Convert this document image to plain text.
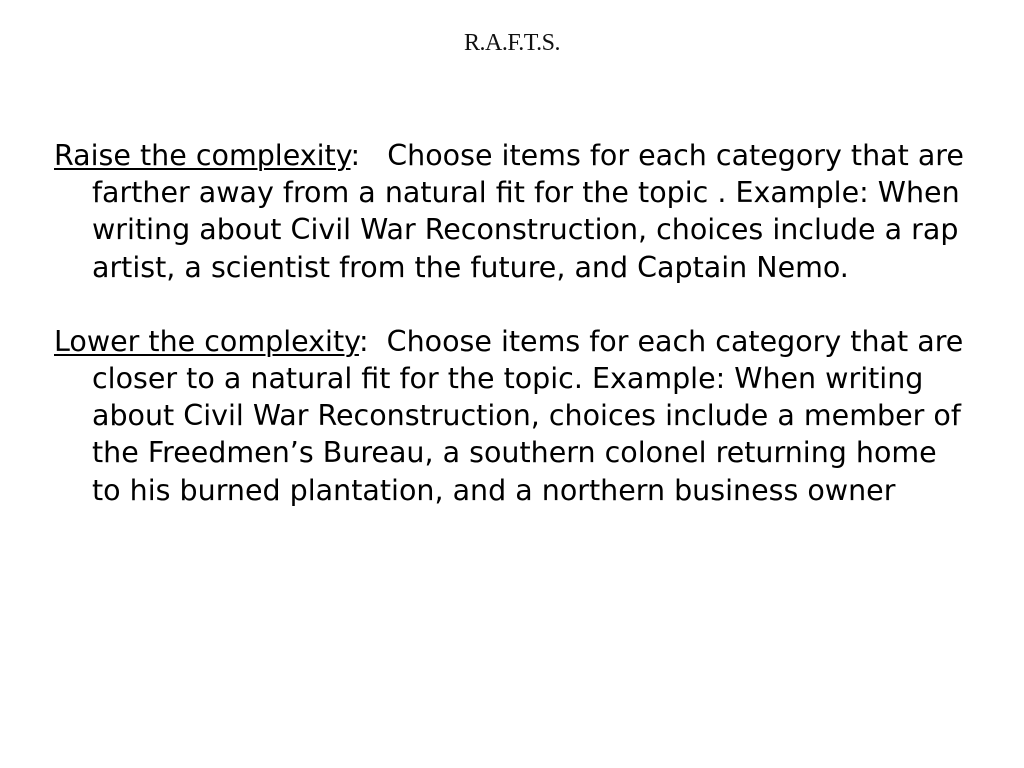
R.A.F.T.S.

Raise the complexity:   Choose items for each category that are farther away from a natural fit for the topic . Example: When writing about Civil War Reconstruction, choices include a rap artist, a scientist from the future, and Captain Nemo.

Lower the complexity:  Choose items for each category that are closer to a natural fit for the topic. Example: When writing about Civil War Reconstruction, choices include a member of the Freedmen’s Bureau, a southern colonel returning home to his burned plantation, and a northern business owner
